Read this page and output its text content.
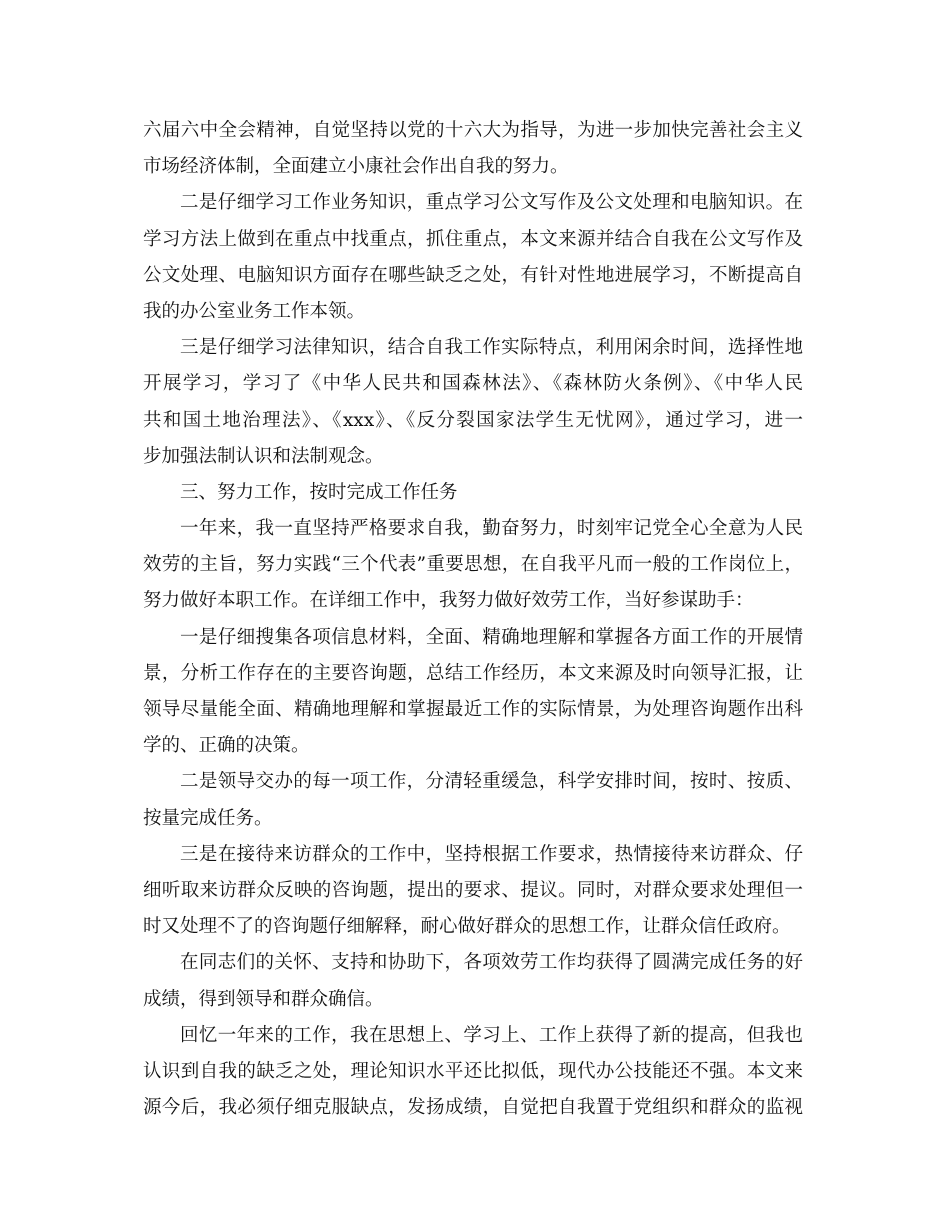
六届六中全会精神，自觉坚持以党的十六大为指导，为进一步加快完善社会主义

市场经济体制，全面建立小康社会作出自我的努力。

二是仔细学习工作业务知识，重点学习公文写作及公文处理和电脑知识。在

学习方法上做到在重点中找重点，抓住重点，本文来源并结合自我在公文写作及

公文处理、电脑知识方面存在哪些缺乏之处，有针对性地进展学习，不断提高自

我的办公室业务工作本领。

三是仔细学习法律知识，结合自我工作实际特点，利用闲余时间，选择性地

开展学习，学习了《中华人民共和国森林法》、《森林防火条例》、《中华人民

共和国土地治理法》、《xxx》、《反分裂国家法学生无忧网》，通过学习，进一

步加强法制认识和法制观念。

三、努力工作，按时完成工作任务

一年来，我一直坚持严格要求自我，勤奋努力，时刻牢记党全心全意为人民

效劳的主旨，努力实践“三个代表”重要思想，在自我平凡而一般的工作岗位上，

努力做好本职工作。在详细工作中，我努力做好效劳工作，当好参谋助手：

一是仔细搜集各项信息材料，全面、精确地理解和掌握各方面工作的开展情

景，分析工作存在的主要咨询题，总结工作经历，本文来源及时向领导汇报，让

领导尽量能全面、精确地理解和掌握最近工作的实际情景，为处理咨询题作出科

学的、正确的决策。

二是领导交办的每一项工作，分清轻重缓急，科学安排时间，按时、按质、

按量完成任务。

三是在接待来访群众的工作中，坚持根据工作要求，热情接待来访群众、仔

细听取来访群众反映的咨询题，提出的要求、提议。同时，对群众要求处理但一

时又处理不了的咨询题仔细解释，耐心做好群众的思想工作，让群众信任政府。

在同志们的关怀、支持和协助下，各项效劳工作均获得了圆满完成任务的好

成绩，得到领导和群众确信。

回忆一年来的工作，我在思想上、学习上、工作上获得了新的提高，但我也

认识到自我的缺乏之处，理论知识水平还比拟低，现代办公技能还不强。本文来

源今后，我必须仔细克服缺点，发扬成绩，自觉把自我置于党组织和群众的监视
